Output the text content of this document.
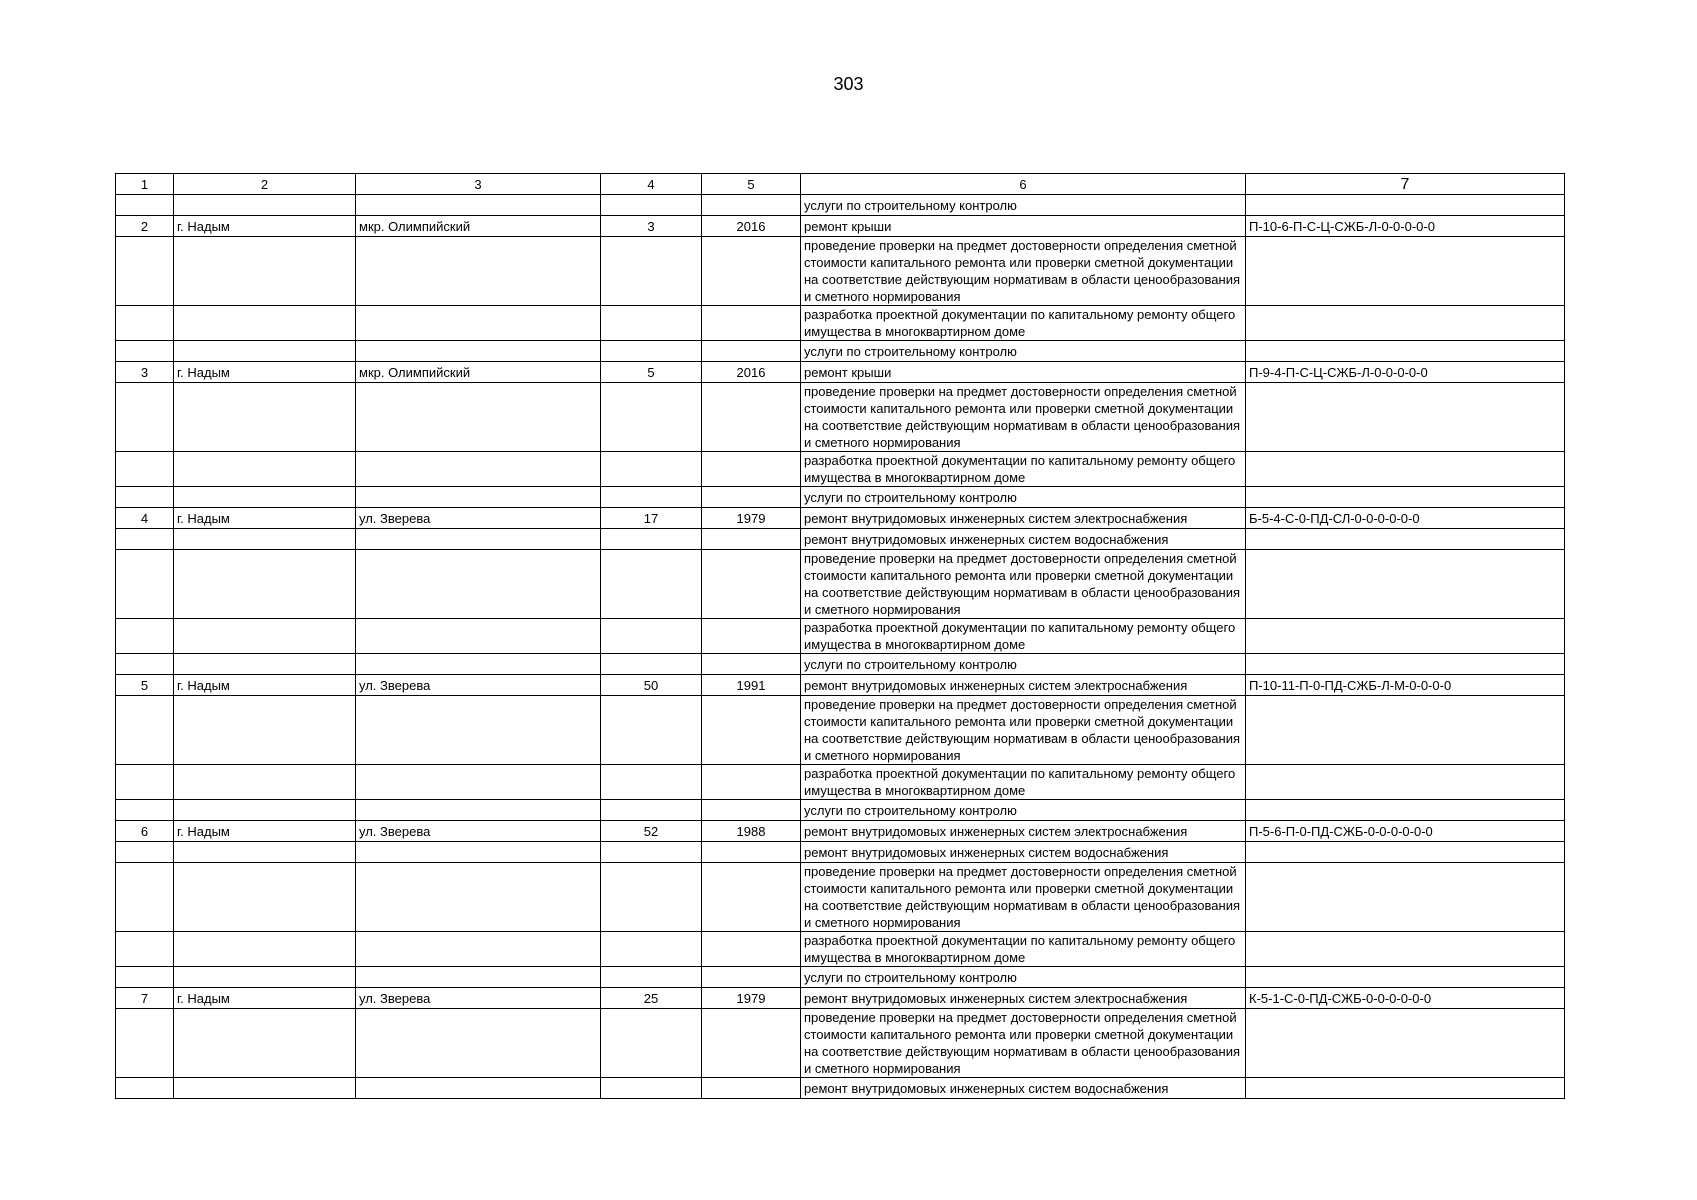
303
1	2	3	4	5	6	7
					услуги по строительному контролю	
2	г. Надым	мкр. Олимпийский	3	2016	ремонт крыши	П-10-6-П-С-Ц-СЖБ-Л-0-0-0-0-0
					проведение проверки на предмет достоверности определения сметной стоимости капитального ремонта или проверки сметной документации на соответствие действующим нормативам в области ценообразования и сметного нормирования	
					разработка проектной документации по капитальному ремонту общего имущества в многоквартирном доме	
					услуги по строительному контролю	
3	г. Надым	мкр. Олимпийский	5	2016	ремонт крыши	П-9-4-П-С-Ц-СЖБ-Л-0-0-0-0-0
					проведение проверки на предмет достоверности определения сметной стоимости капитального ремонта или проверки сметной документации на соответствие действующим нормативам в области ценообразования и сметного нормирования	
					разработка проектной документации по капитальному ремонту общего имущества в многоквартирном доме	
					услуги по строительному контролю	
4	г. Надым	ул. Зверева	17	1979	ремонт внутридомовых инженерных систем электроснабжения	Б-5-4-С-0-ПД-СЛ-0-0-0-0-0-0
					ремонт внутридомовых инженерных систем водоснабжения	
					проведение проверки на предмет достоверности определения сметной стоимости капитального ремонта или проверки сметной документации на соответствие действующим нормативам в области ценообразования и сметного нормирования	
					разработка проектной документации по капитальному ремонту общего имущества в многоквартирном доме	
					услуги по строительному контролю	
5	г. Надым	ул. Зверева	50	1991	ремонт внутридомовых инженерных систем электроснабжения	П-10-11-П-0-ПД-СЖБ-Л-М-0-0-0-0
					проведение проверки на предмет достоверности определения сметной стоимости капитального ремонта или проверки сметной документации на соответствие действующим нормативам в области ценообразования и сметного нормирования	
					разработка проектной документации по капитальному ремонту общего имущества в многоквартирном доме	
					услуги по строительному контролю	
6	г. Надым	ул. Зверева	52	1988	ремонт внутридомовых инженерных систем электроснабжения	П-5-6-П-0-ПД-СЖБ-0-0-0-0-0-0
					ремонт внутридомовых инженерных систем водоснабжения	
					проведение проверки на предмет достоверности определения сметной стоимости капитального ремонта или проверки сметной документации на соответствие действующим нормативам в области ценообразования и сметного нормирования	
					разработка проектной документации по капитальному ремонту общего имущества в многоквартирном доме	
					услуги по строительному контролю	
7	г. Надым	ул. Зверева	25	1979	ремонт внутридомовых инженерных систем электроснабжения	К-5-1-С-0-ПД-СЖБ-0-0-0-0-0-0
					проведение проверки на предмет достоверности определения сметной стоимости капитального ремонта или проверки сметной документации на соответствие действующим нормативам в области ценообразования и сметного нормирования	
					ремонт внутридомовых инженерных систем водоснабжения	
